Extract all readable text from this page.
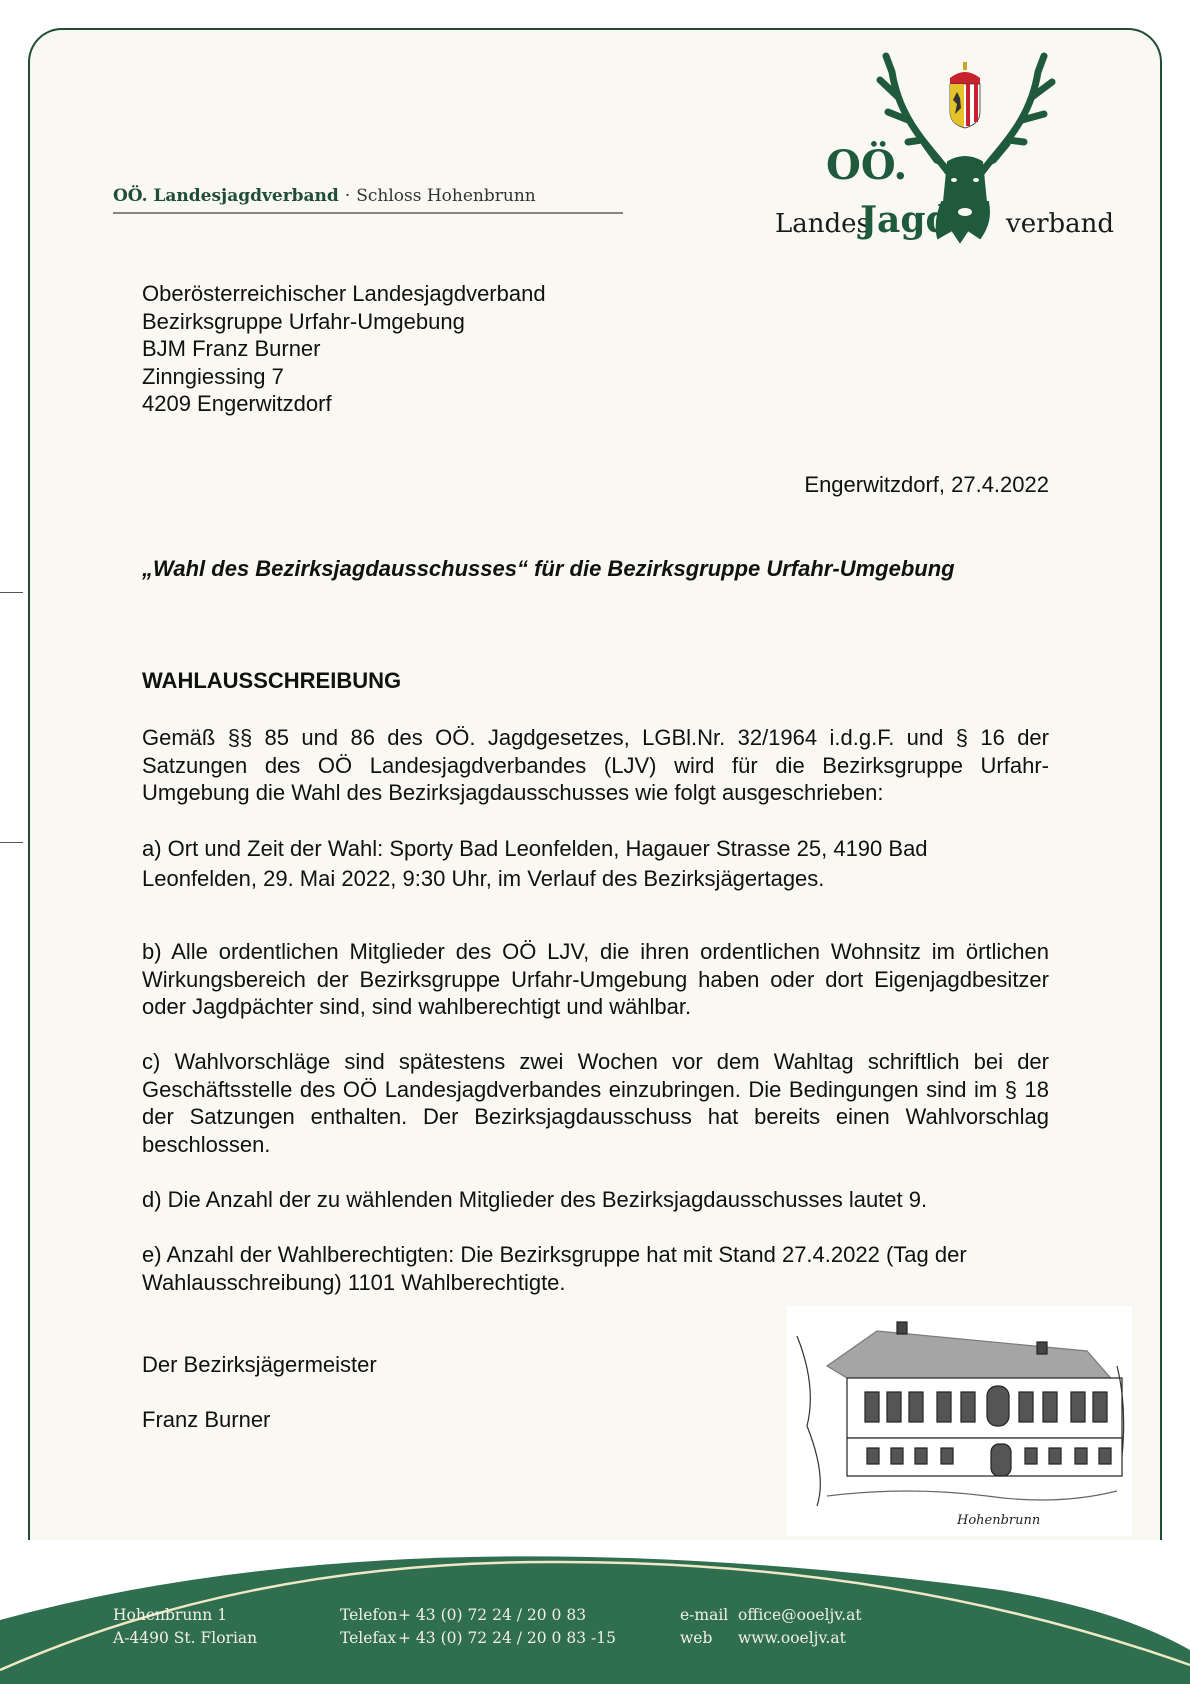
OÖ. Landesjagdverband · Schloss Hohenbrunn
OÖ.
Landes
Jagd verband
Oberösterreichischer Landesjagdverband
Bezirksgruppe Urfahr-Umgebung
BJM Franz Burner
Zinngiessing 7
4209 Engerwitzdorf
Engerwitzdorf, 27.4.2022
„Wahl des Bezirksjagdausschusses“ für die Bezirksgruppe Urfahr-Umgebung
WAHLAUSSCHREIBUNG
Gemäß §§ 85 und 86 des OÖ. Jagdgesetzes, LGBl.Nr. 32/1964 i.d.g.F. und § 16 der Satzungen des OÖ Landesjagdverbandes (LJV) wird für die Bezirksgruppe Urfahr-Umgebung die Wahl des Bezirksjagdausschusses wie folgt ausgeschrieben:
a) Ort und Zeit der Wahl: Sporty Bad Leonfelden, Hagauer Strasse 25, 4190 Bad Leonfelden, 29. Mai 2022, 9:30 Uhr, im Verlauf des Bezirksjägertages.
b) Alle ordentlichen Mitglieder des OÖ LJV, die ihren ordentlichen Wohnsitz im örtlichen Wirkungsbereich der Bezirksgruppe Urfahr-Umgebung haben oder dort Eigenjagdbesitzer oder Jagdpächter sind, sind wahlberechtigt und wählbar.
c) Wahlvorschläge sind spätestens zwei Wochen vor dem Wahltag schriftlich bei der Geschäftsstelle des OÖ Landesjagdverbandes einzubringen. Die Bedingungen sind im § 18 der Satzungen enthalten. Der Bezirksjagdausschuss hat bereits einen Wahlvorschlag beschlossen.
d) Die Anzahl der zu wählenden Mitglieder des Bezirksjagdausschusses lautet 9.
e) Anzahl der Wahlberechtigten: Die Bezirksgruppe hat mit Stand 27.4.2022 (Tag der Wahlausschreibung) 1101 Wahlberechtigte.
Der Bezirksjägermeister
Franz Burner
Hohenbrunn
Hohenbrunn 1
A-4490 St. Florian
Telefon+ 43 (0) 72 24 / 20 0 83
Telefax + 43 (0) 72 24 / 20 0 83 -15
e-mail office@ooeljv.at
web www.ooeljv.at
